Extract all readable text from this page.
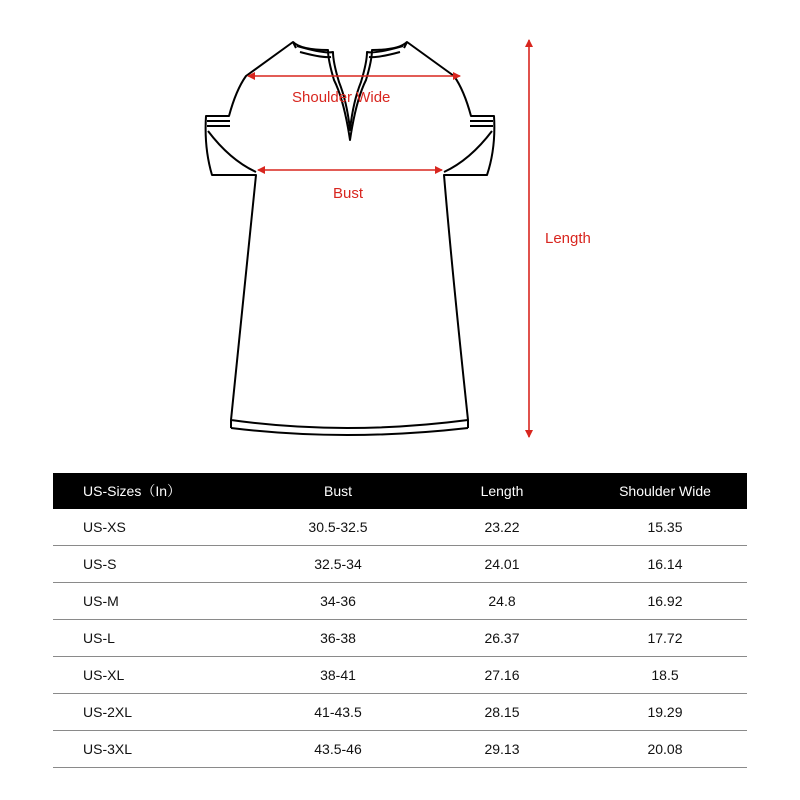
Shoulder Wide
Bust
Length
US-Sizes（In）	Bust	Length	Shoulder Wide
US-XS	30.5-32.5	23.22	15.35
US-S	32.5-34	24.01	16.14
US-M	34-36	24.8	16.92
US-L	36-38	26.37	17.72
US-XL	38-41	27.16	18.5
US-2XL	41-43.5	28.15	19.29
US-3XL	43.5-46	29.13	20.08
